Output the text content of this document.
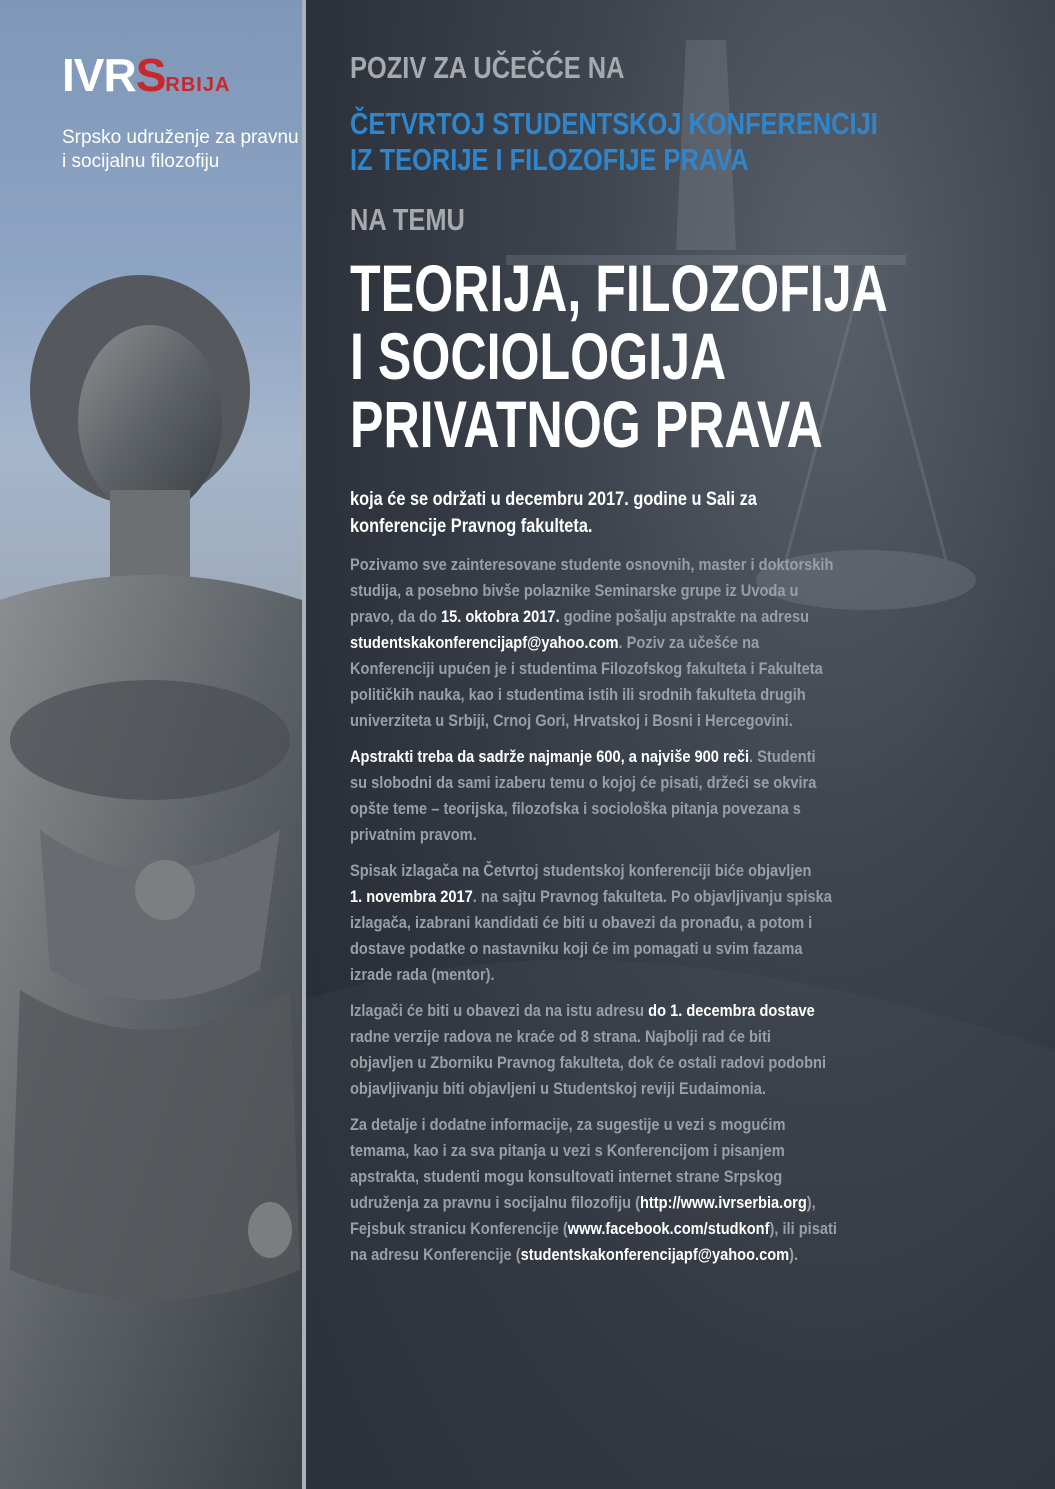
IVRSRBIJA
Srpsko udruženje za pravnu
i socijalnu filozofiju

POZIV ZA UČEČĆE NA

ČETVRTOJ STUDENTSKOJ KONFERENCIJI

IZ TEORIJE I FILOZOFIJE PRAVA

NA TEMU

TEORIJA, FILOZOFIJA

I SOCIOLOGIJA

PRIVATNOG PRAVA

koja će se održati u decembru 2017. godine u Sali za

konferencije Pravnog fakulteta.

Pozivamo sve zainteresovane studente osnovnih, master i doktorskih

studija, a posebno bivše polaznike Seminarske grupe iz Uvoda u

pravo, da do 15. oktobra 2017. godine pošalju apstrakte na adresu

studentskakonferencijapf@yahoo.com. Poziv za učešće na

Konferenciji upućen je i studentima Filozofskog fakulteta i Fakulteta

političkih nauka, kao i studentima istih ili srodnih fakulteta drugih

univerziteta u Srbiji, Crnoj Gori, Hrvatskoj i Bosni i Hercegovini.

Apstrakti treba da sadrže najmanje 600, a najviše 900 reči. Studenti

su slobodni da sami izaberu temu o kojoj će pisati, držeći se okvira

opšte teme – teorijska, filozofska i sociološka pitanja povezana s

privatnim pravom.

Spisak izlagača na Četvrtoj studentskoj konferenciji biće objavljen

1. novembra 2017. na sajtu Pravnog fakulteta. Po objavljivanju spiska

izlagača, izabrani kandidati će biti u obavezi da pronađu, a potom i

dostave podatke o nastavniku koji će im pomagati u svim fazama

izrade rada (mentor).

Izlagači će biti u obavezi da na istu adresu do 1. decembra dostave

radne verzije radova ne kraće od 8 strana. Najbolji rad će biti

objavljen u Zborniku Pravnog fakulteta, dok će ostali radovi podobni

objavljivanju biti objavljeni u Studentskoj reviji Eudaimonia.

Za detalje i dodatne informacije, za sugestije u vezi s mogućim

temama, kao i za sva pitanja u vezi s Konferencijom i pisanjem

apstrakta, studenti mogu konsultovati internet strane Srpskog

udruženja za pravnu i socijalnu filozofiju (http://www.ivrserbia.org),

Fejsbuk stranicu Konferencije (www.facebook.com/studkonf), ili pisati

na adresu Konferencije (studentskakonferencijapf@yahoo.com).
